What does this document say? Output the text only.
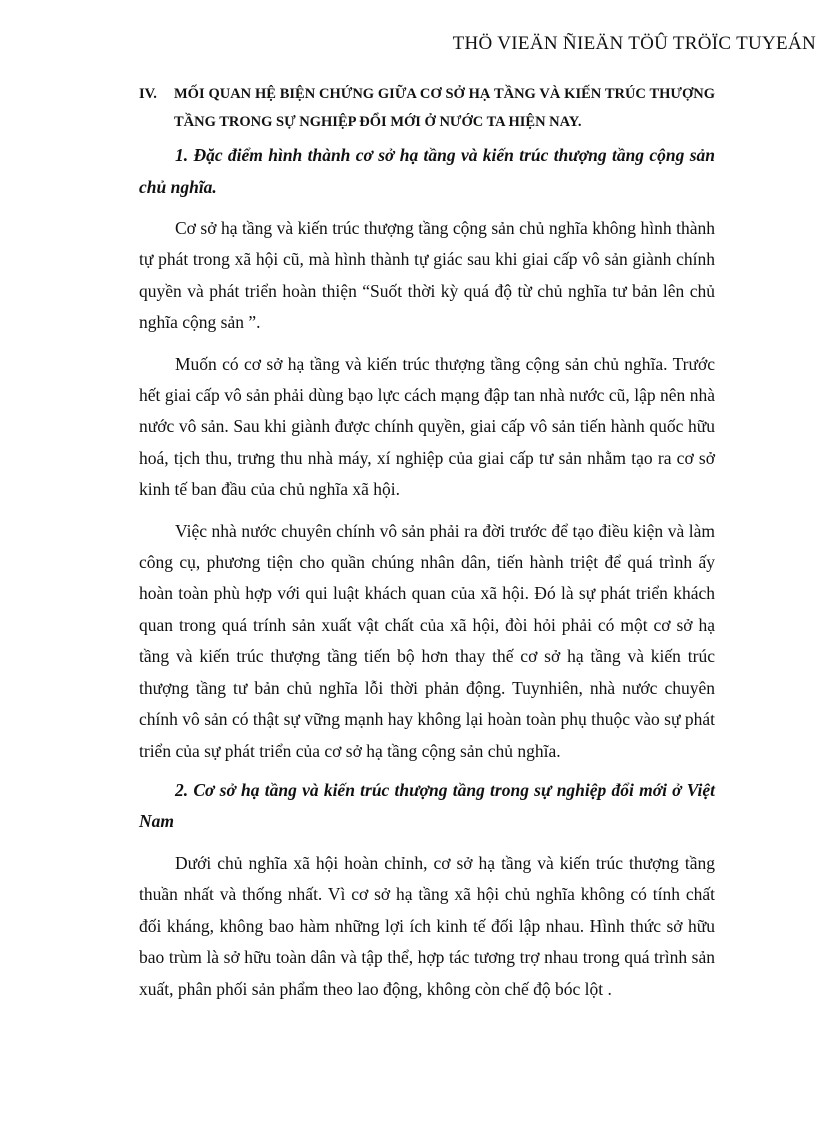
THÖ VIEÄN ÑIEÄN TÖÛ TRÖÏC TUYEÁN
IV.	MỐI QUAN HỆ BIỆN CHỨNG GIỮA CƠ SỞ HẠ TẦNG VÀ KIẾN TRÚC THƯỢNG TẦNG TRONG SỰ NGHIỆP ĐỔI MỚI Ở NƯỚC TA HIỆN NAY.

1. Đặc điểm hình thành cơ sở hạ tầng và kiến trúc thượng tầng cộng sản chủ nghĩa.

Cơ sở hạ tầng và kiến trúc thượng tầng cộng sản chủ nghĩa không hình thành tự phát trong xã hội cũ, mà hình thành tự giác sau khi giai cấp vô sản giành chính quyền và phát triển hoàn thiện “Suốt thời kỳ quá độ từ chủ nghĩa tư bản lên chủ nghĩa cộng sản ”.

Muốn có cơ sở hạ tầng và kiến trúc thượng tầng cộng sản chủ nghĩa. Trước hết giai cấp vô sản phải dùng bạo lực cách mạng đập tan nhà nước cũ, lập nên nhà nước vô sản. Sau khi giành được chính quyền, giai cấp vô sản tiến hành quốc hữu hoá, tịch thu, trưng thu nhà máy, xí nghiệp của giai cấp tư sản nhằm tạo ra cơ sở kinh tế ban đầu của chủ nghĩa xã hội.

Việc nhà nước chuyên chính vô sản phải ra đời trước để tạo điều kiện và làm công cụ, phương tiện cho quần chúng nhân dân, tiến hành triệt để quá trình ấy hoàn toàn phù hợp với qui luật khách quan của xã hội. Đó là sự phát triển khách quan trong quá trính sản xuất vật chất của xã hội, đòi hỏi phải có một cơ sở hạ tầng và kiến trúc thượng tầng tiến bộ hơn thay thế cơ sở hạ tầng và kiến trúc thượng tầng tư bản chủ nghĩa lỗi thời phản động. Tuynhiên, nhà nước chuyên chính vô sản có thật sự vững mạnh hay không lại hoàn toàn phụ thuộc vào sự phát triển của sự phát triển của cơ sở hạ tầng cộng sản chủ nghĩa.

2. Cơ sở hạ tầng và kiến trúc thượng tầng trong sự nghiệp đổi mới ở Việt Nam

Dưới chủ nghĩa xã hội hoàn chỉnh, cơ sở hạ tầng và kiến trúc thượng tầng thuần nhất và thống nhất. Vì cơ sở hạ tầng xã hội chủ nghĩa không có tính chất đối kháng, không bao hàm những lợi ích kinh tế đối lập nhau. Hình thức sở hữu bao trùm là sở hữu toàn dân và tập thể, hợp tác tương trợ nhau trong quá trình sản xuất, phân phối sản phẩm theo lao động, không còn chế độ bóc lột .
